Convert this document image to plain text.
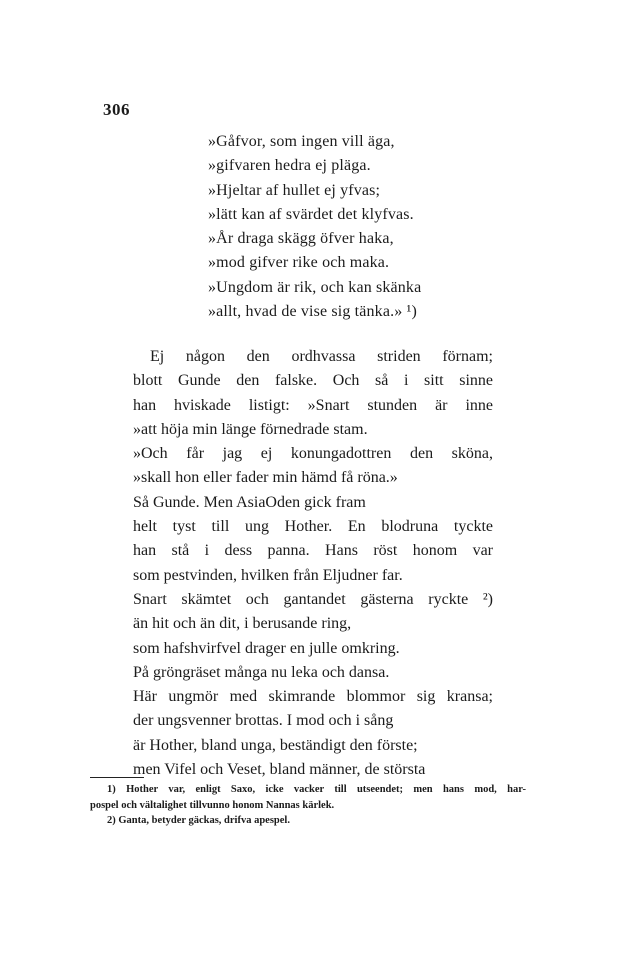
306
»Gåfvor, som ingen vill äga,
»gifvaren hedra ej pläga.
»Hjeltar af hullet ej yfvas;
»lätt kan af svärdet det klyfvas.
»År draga skägg öfver haka,
»mod gifver rike och maka.
»Ungdom är rik, och kan skänka
»allt, hvad de vise sig tänka.» ¹)
Ej någon den ordhvassa striden förnam;
blott Gunde den falske. Och så i sitt sinne
han hviskade listigt: »Snart stunden är inne
»att höja min länge förnedrade stam.
»Och får jag ej konungadottren den sköna,
»skall hon eller fader min hämd få röna.»
Så Gunde. Men AsiaOden gick fram
helt tyst till ung Hother. En blodruna tyckte
han stå i dess panna. Hans röst honom var
som pestvinden, hvilken från Eljudner far.
Snart skämtet och gantandet gästerna ryckte ²)
än hit och än dit, i berusande ring,
som hafshvirfvel drager en julle omkring.
På gröngräset många nu leka och dansa.
Här ungmör med skimrande blommor sig kransa;
der ungsvenner brottas. I mod och i sång
är Hother, bland unga, beständigt den förste;
men Vifel och Veset, bland männer, de största
1) Hother var, enligt Saxo, icke vacker till utseendet; men hans mod, har-
pospel och vältalighet tillvunno honom Nannas kärlek.
2) Ganta, betyder gäckas, drifva apespel.
